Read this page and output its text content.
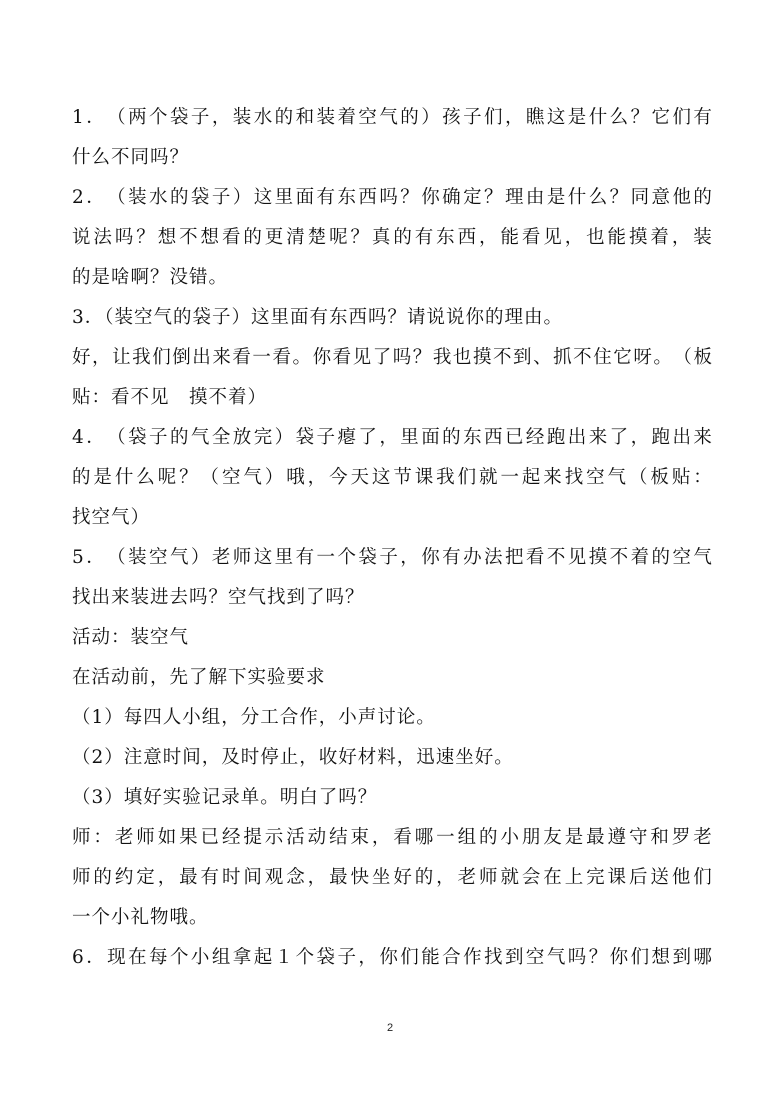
1 ． （ 两 个 袋 子 ， 装 水 的 和 装 着 空 气 的 ） 孩 子 们 ， 瞧 这 是 什 么 ？ 它 们 有
什么不同吗？
2 ． （ 装 水 的 袋 子 ） 这 里 面 有 东 西 吗 ？ 你 确 定 ？ 理 由 是 什 么 ？ 同 意 他 的
说 法 吗 ？ 想 不 想 看 的 更 清 楚 呢 ？ 真 的 有 东 西 ， 能 看 见 ， 也 能 摸 着 ， 装
的是啥啊？没错。
3．（装空气的袋子）这里面有东西吗？请说说你的理由。
好 ， 让 我 们 倒 出 来 看 一 看 。 你 看 见 了 吗 ？ 我 也 摸 不 到 、 抓 不 住 它 呀 。 （ 板
贴：看不见　摸不着）
4 ． （ 袋 子 的 气 全 放 完 ） 袋 子 瘪 了 ， 里 面 的 东 西 已 经 跑 出 来 了 ， 跑 出 来
的 是 什 么 呢 ？ （ 空 气 ） 哦 ， 今 天 这 节 课 我 们 就 一 起 来 找 空 气 （ 板 贴 ：
找空气）
5 ． （ 装 空 气 ） 老 师 这 里 有 一 个 袋 子 ， 你 有 办 法 把 看 不 见 摸 不 着 的 空 气
找出来装进去吗？空气找到了吗？
活动：装空气
在活动前，先了解下实验要求
（1）每四人小组，分工合作，小声讨论。
（2）注意时间，及时停止，收好材料，迅速坐好。
（3）填好实验记录单。明白了吗？
师 ： 老 师 如 果 已 经 提 示 活 动 结 束 ， 看 哪 一 组 的 小 朋 友 是 最 遵 守 和 罗 老
师 的 约 定 ， 最 有 时 间 观 念 ， 最 快 坐 好 的 ， 老 师 就 会 在 上 完 课 后 送 他 们
一个小礼物哦。
6 ． 现 在 每 个 小 组 拿 起 １ 个 袋 子 ， 你 们 能 合 作 找 到 空 气 吗 ？ 你 们 想 到 哪
2
